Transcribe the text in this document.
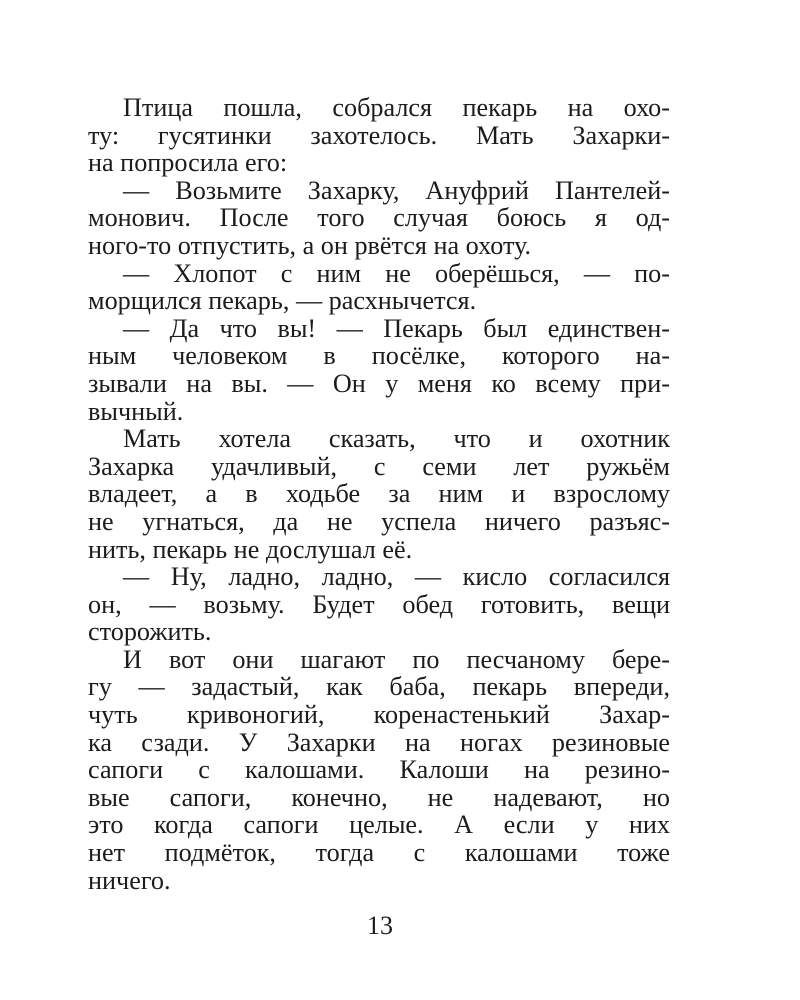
Птица пошла, собрался пекарь на охо-
ту: гусятинки захотелось. Мать Захарки-
на попросила его:
— Возьмите Захарку, Ануфрий Пантелей-
монович. После того случая боюсь я од-
ного-то отпустить, а он рвётся на охоту.
— Хлопот с ним не оберёшься, — по-
морщился пекарь, — расхнычется.
— Да что вы! — Пекарь был единствен-
ным человеком в посёлке, которого на-
зывали на вы. — Он у меня ко всему при-
вычный.
Мать хотела сказать, что и охотник
Захарка удачливый, с семи лет ружьём
владеет, а в ходьбе за ним и взрослому
не угнаться, да не успела ничего разъяс-
нить, пекарь не дослушал её.
— Ну, ладно, ладно, — кисло согласился
он, — возьму. Будет обед готовить, вещи
сторожить.
И вот они шагают по песчаному бере-
гу — задастый, как баба, пекарь впереди,
чуть кривоногий, коренастенький Захар-
ка сзади. У Захарки на ногах резиновые
сапоги с калошами. Калоши на резино-
вые сапоги, конечно, не надевают, но
это когда сапоги целые. А если у них
нет подмёток, тогда с калошами тоже
ничего.
13
